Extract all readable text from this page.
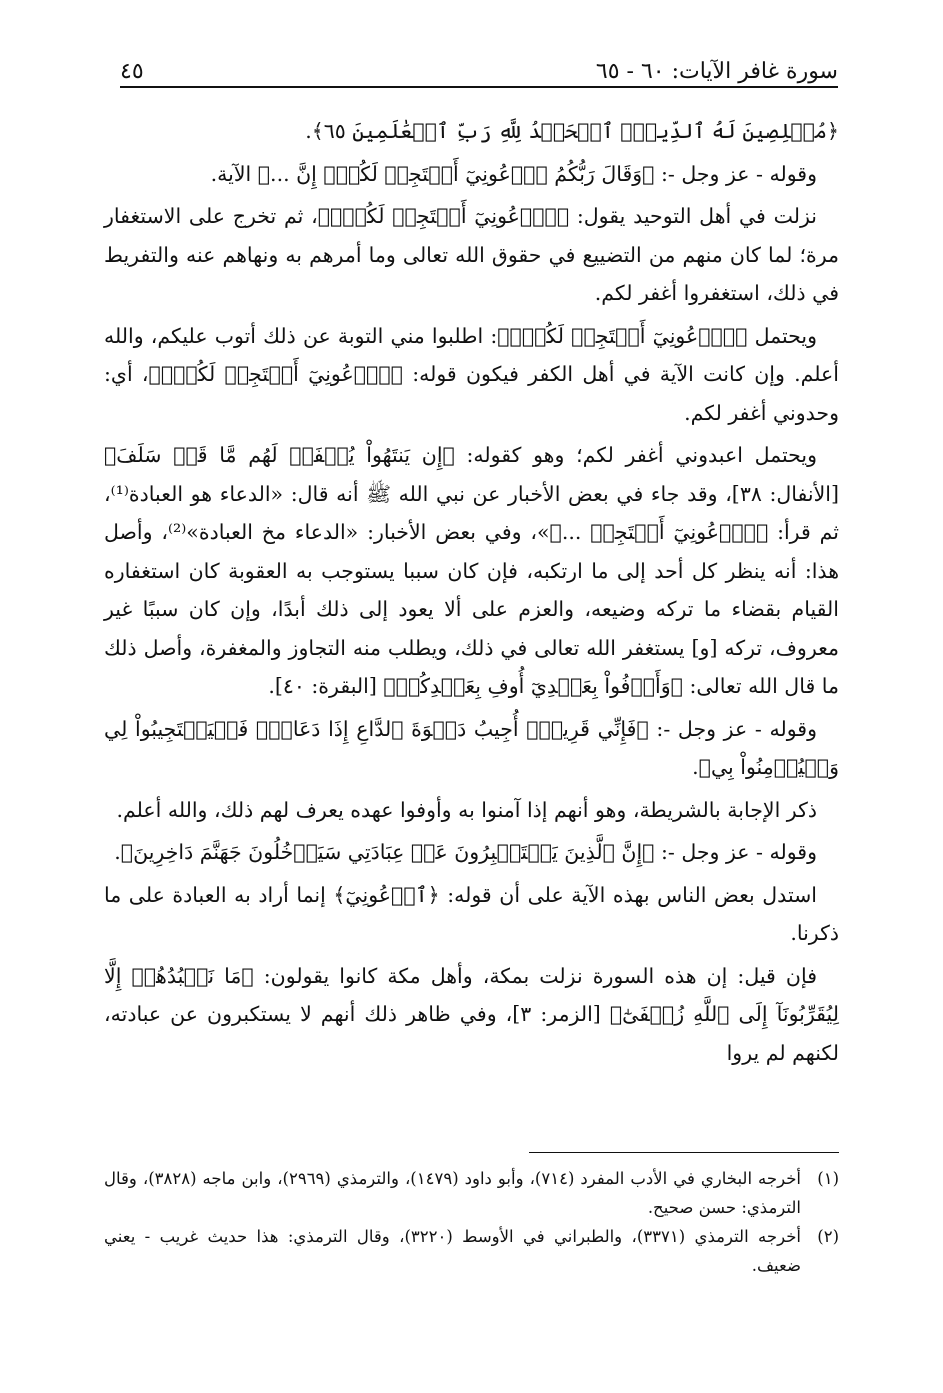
سورة غافر الآيات: ٦٠ - ٦٥
٤٥

﴿مُخۡلِصِينَ لَهُ ٱلدِّينَۗ ٱلۡحَمۡدُ لِلَّهِ رَبِّ ٱلۡعَٰلَمِينَ ٦٥﴾.

وقوله - عز وجل -: ﴿وَقَالَ رَبُّكُمُ ٱدۡعُونِيٓ أَسۡتَجِبۡ لَكُمۡۚ إِنَّ ...﴾ الآية.

نزلت في أهل التوحيد يقول: ﴿ٱدۡعُونِيٓ أَسۡتَجِبۡ لَكُمۡۚ﴾، ثم تخرج على الاستغفار مرة؛ لما كان منهم من التضييع في حقوق الله تعالى وما أمرهم به ونهاهم عنه والتفريط في ذلك، استغفروا أغفر لكم.

ويحتمل ﴿ٱدۡعُونِيٓ أَسۡتَجِبۡ لَكُمۡۚ﴾: اطلبوا مني التوبة عن ذلك أتوب عليكم، والله أعلم. وإن كانت الآية في أهل الكفر فيكون قوله: ﴿ٱدۡعُونِيٓ أَسۡتَجِبۡ لَكُمۡۚ﴾، أي: وحدوني أغفر لكم.

ويحتمل اعبدوني أغفر لكم؛ وهو كقوله: ﴿إِن يَنتَهُواْ يُغۡفَرۡ لَهُم مَّا قَدۡ سَلَفَ﴾ [الأنفال: ٣٨]، وقد جاء في بعض الأخبار عن نبي الله ﷺ أنه قال: «الدعاء هو العبادة⁽¹⁾، ثم قرأ: ﴿ٱدۡعُونِيٓ أَسۡتَجِبۡ ...﴾»، وفي بعض الأخبار: «الدعاء مخ العبادة»⁽²⁾، وأصل هذا: أنه ينظر كل أحد إلى ما ارتكبه، فإن كان سببا يستوجب به العقوبة كان استغفاره القيام بقضاء ما تركه وضيعه، والعزم على ألا يعود إلى ذلك أبدًا، وإن كان سببًا غير معروف، تركه [و] يستغفر الله تعالى في ذلك، ويطلب منه التجاوز والمغفرة، وأصل ذلك ما قال الله تعالى: ﴿وَأَوۡفُواْ بِعَهۡدِيٓ أُوفِ بِعَهۡدِكُمۡ﴾ [البقرة: ٤٠].

وقوله - عز وجل -: ﴿فَإِنِّي قَرِيبٌۖ أُجِيبُ دَعۡوَةَ ٱلدَّاعِ إِذَا دَعَانِۖ فَلۡيَسۡتَجِيبُواْ لِي وَلۡيُؤۡمِنُواْ بِي﴾.

ذكر الإجابة بالشريطة، وهو أنهم إذا آمنوا به وأوفوا عهده يعرف لهم ذلك، والله أعلم.

وقوله - عز وجل -: ﴿إِنَّ ٱلَّذِينَ يَسۡتَكۡبِرُونَ عَنۡ عِبَادَتِي سَيَدۡخُلُونَ جَهَنَّمَ دَاخِرِينَ﴾.

استدل بعض الناس بهذه الآية على أن قوله: ﴿ٱدۡعُونِيٓ﴾ إنما أراد به العبادة على ما ذكرنا.

فإن قيل: إن هذه السورة نزلت بمكة، وأهل مكة كانوا يقولون: ﴿مَا نَعۡبُدُهُمۡ إِلَّا لِيُقَرِّبُونَآ إِلَى ٱللَّهِ زُلۡفَىٰٓ﴾ [الزمر: ٣]، وفي ظاهر ذلك أنهم لا يستكبرون عن عبادته، لكنهم لم يروا

(١)
أخرجه البخاري في الأدب المفرد (٧١٤)، وأبو داود (١٤٧٩)، والترمذي (٢٩٦٩)، وابن ماجه (٣٨٢٨)، وقال الترمذي: حسن صحيح.
(٢)
أخرجه الترمذي (٣٣٧١)، والطبراني في الأوسط (٣٢٢٠)، وقال الترمذي: هذا حديث غريب - يعني ضعيف.
